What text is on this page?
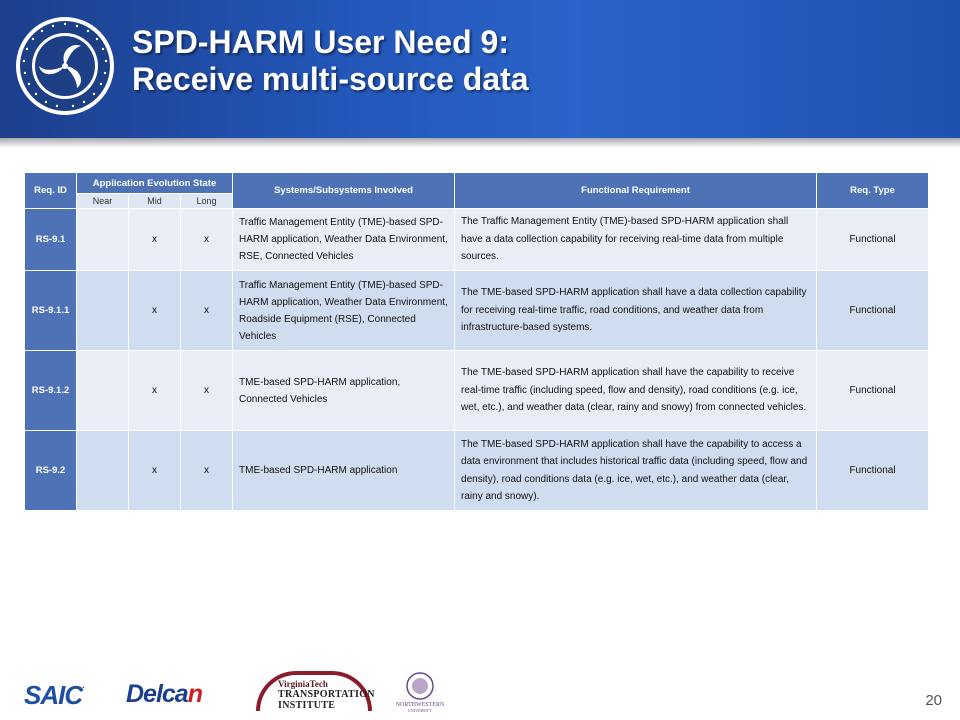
SPD-HARM User Need 9:
Receive multi-source data
Req. ID	Application Evolution State			Systems/Subsystems Involved	Functional Requirement	Req. Type
	Near	Mid	Long			
RS-9.1		x	x	Traffic Management Entity (TME)-based SPD-HARM application, Weather Data Environment, RSE, Connected Vehicles	The Traffic Management Entity (TME)-based SPD-HARM application shall have a data collection capability for receiving real-time data from multiple sources.	Functional
RS-9.1.1		x	x	Traffic Management Entity (TME)-based SPD-HARM application, Weather Data Environment, Roadside Equipment (RSE), Connected Vehicles	The TME-based SPD-HARM application shall have a data collection capability for receiving real-time traffic, road conditions, and weather data from infrastructure-based systems.	Functional
RS-9.1.2		x	x	TME-based SPD-HARM application, Connected Vehicles	The TME-based SPD-HARM application shall have the capability to receive real-time traffic (including speed, flow and density), road conditions (e.g. ice, wet, etc.), and weather data (clear, rainy and snowy) from connected vehicles.	Functional
RS-9.2		x	x	TME-based SPD-HARM application	The TME-based SPD-HARM application shall have the capability to access a data environment that includes historical traffic data (including speed, flow and density), road conditions data (e.g. ice, wet, etc.), and weather data (clear, rainy and snowy).	Functional
SAIC. Delcan	VirginiaTech
TRANSPORTATION
INSTITUTE	NORTHWESTERN
UNIVERSITY
20
